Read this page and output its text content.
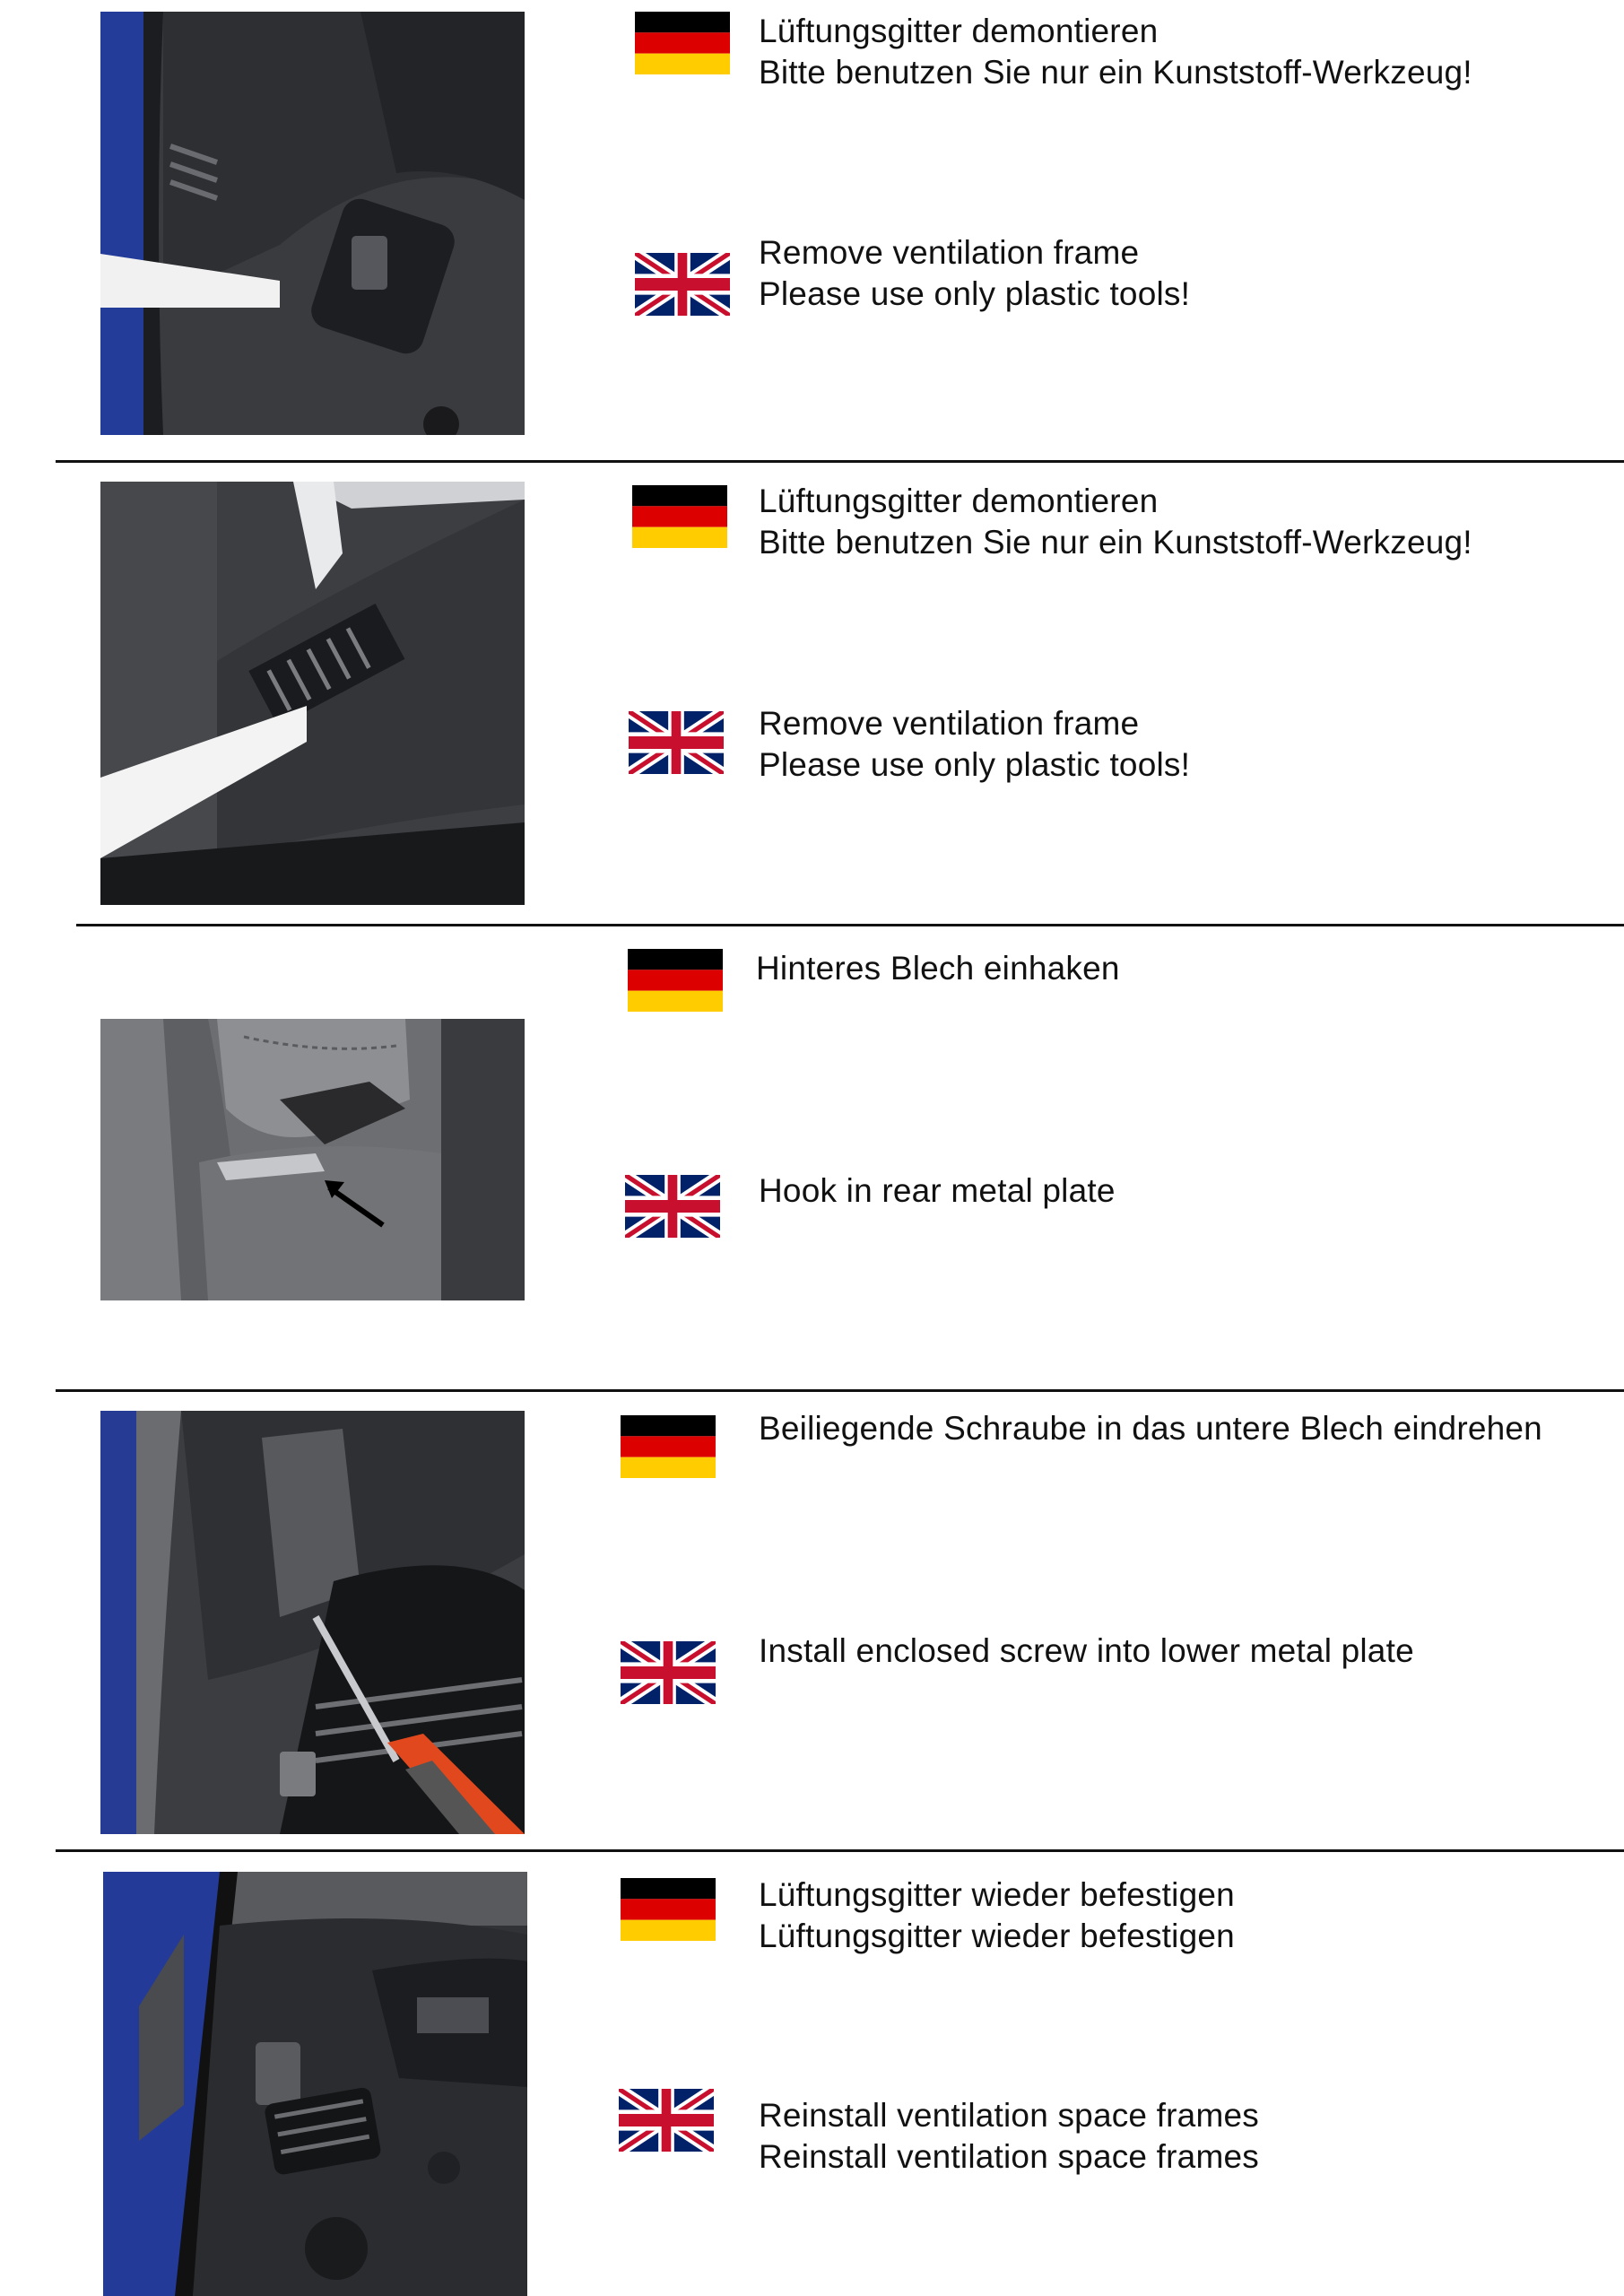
Lüftungsgitter demontieren
Bitte benutzen Sie nur ein Kunststoff-Werkzeug!
Remove ventilation frame
Please use only plastic tools!
Lüftungsgitter demontieren
Bitte benutzen Sie nur ein Kunststoff-Werkzeug!
Remove ventilation frame
Please use only plastic tools!
Hinteres Blech einhaken
Hook in rear metal plate
Beiliegende Schraube in das untere Blech eindrehen
Install enclosed screw into lower metal plate
Lüftungsgitter wieder befestigen
Lüftungsgitter wieder befestigen
Reinstall ventilation space frames
Reinstall ventilation space frames
